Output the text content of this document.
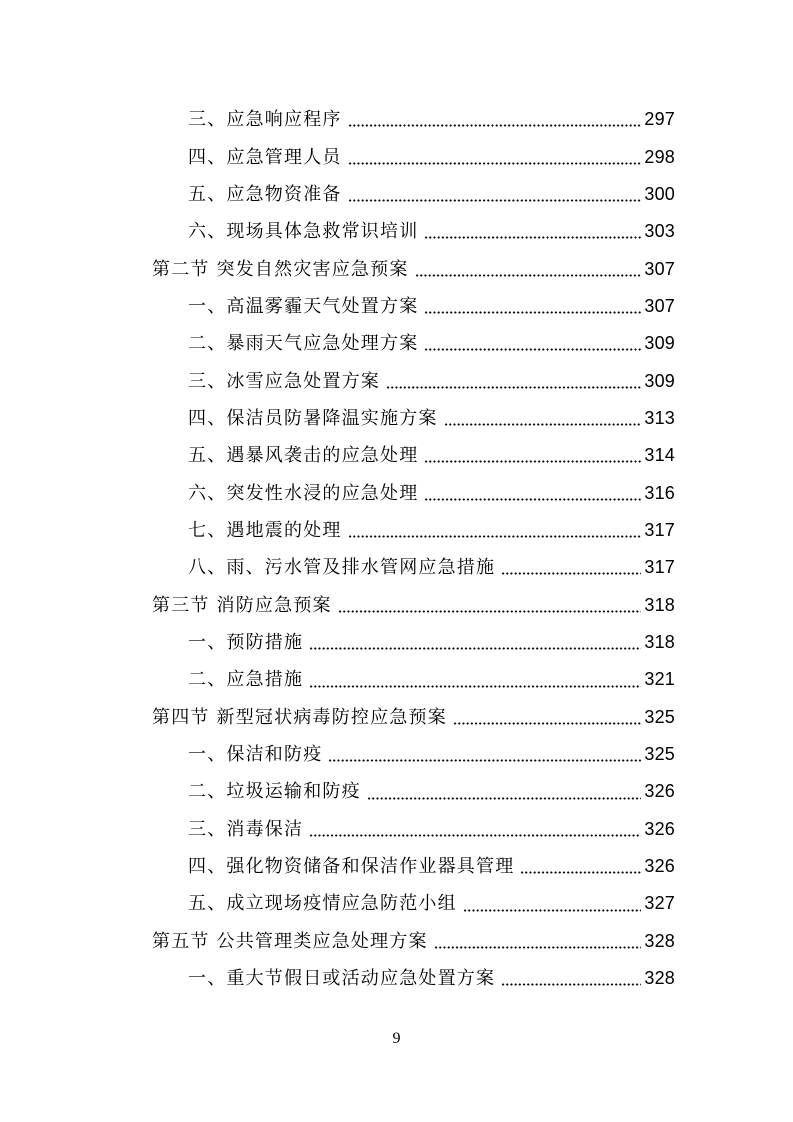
三、应急响应程序	297
四、应急管理人员	298
五、应急物资准备	300
六、现场具体急救常识培训	303
第二节 突发自然灾害应急预案	307
一、高温雾霾天气处置方案	307
二、暴雨天气应急处理方案	309
三、冰雪应急处置方案	309
四、保洁员防暑降温实施方案	313
五、遇暴风袭击的应急处理	314
六、突发性水浸的应急处理	316
七、遇地震的处理	317
八、雨、污水管及排水管网应急措施	317
第三节 消防应急预案	318
一、预防措施	318
二、应急措施	321
第四节 新型冠状病毒防控应急预案	325
一、保洁和防疫	325
二、垃圾运输和防疫	326
三、消毒保洁	326
四、强化物资储备和保洁作业器具管理	326
五、成立现场疫情应急防范小组	327
第五节 公共管理类应急处理方案	328
一、重大节假日或活动应急处置方案	328
9
